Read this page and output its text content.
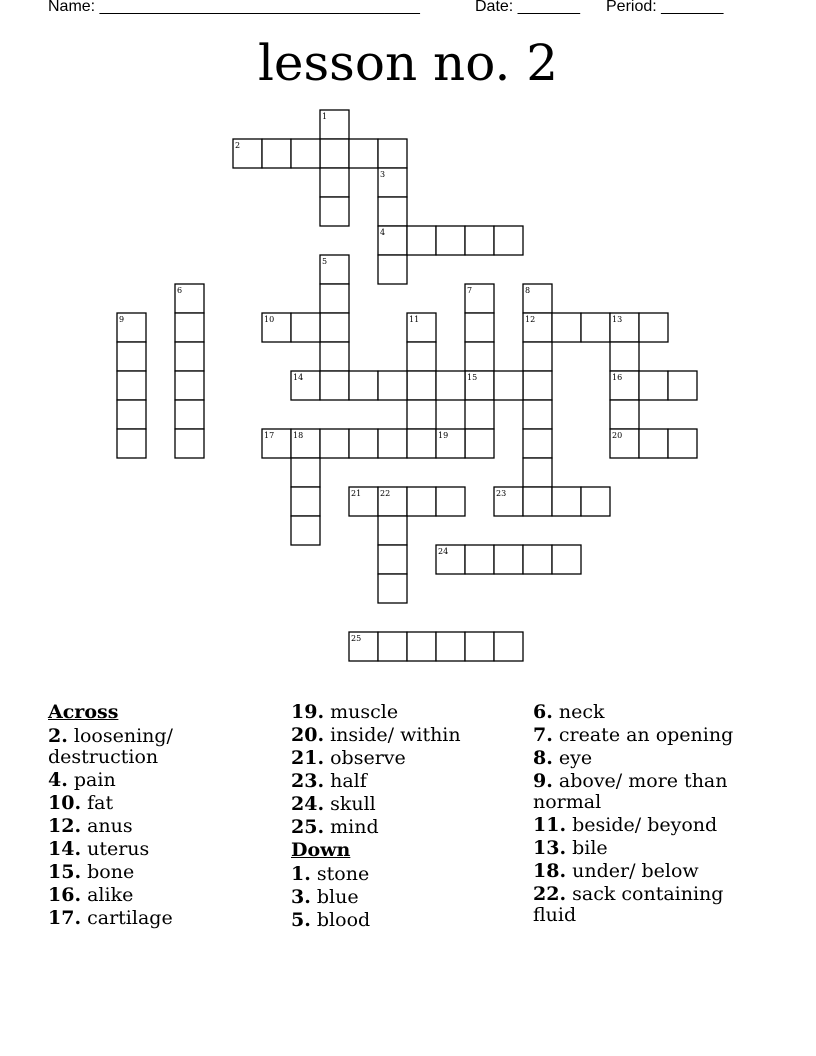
Name: ____________________________________

	Date: _______

Period: _______

lesson no. 2
1
2
3
4
5
6	7	8
9	10	11	12	13
14	15	16
17 18	19	20
21 22	23
24
25
Across
2. loosening/ destruction
4. pain
10. fat
12. anus
14. uterus
15. bone
16. alike
17. cartilage
19. muscle
20. inside/ within
21. observe
23. half
24. skull
25. mind
Down
1. stone
3. blue
5. blood
6. neck
7. create an opening
8. eye
9. above/ more than normal
11. beside/ beyond
13. bile
18. under/ below
22. sack containing fluid
